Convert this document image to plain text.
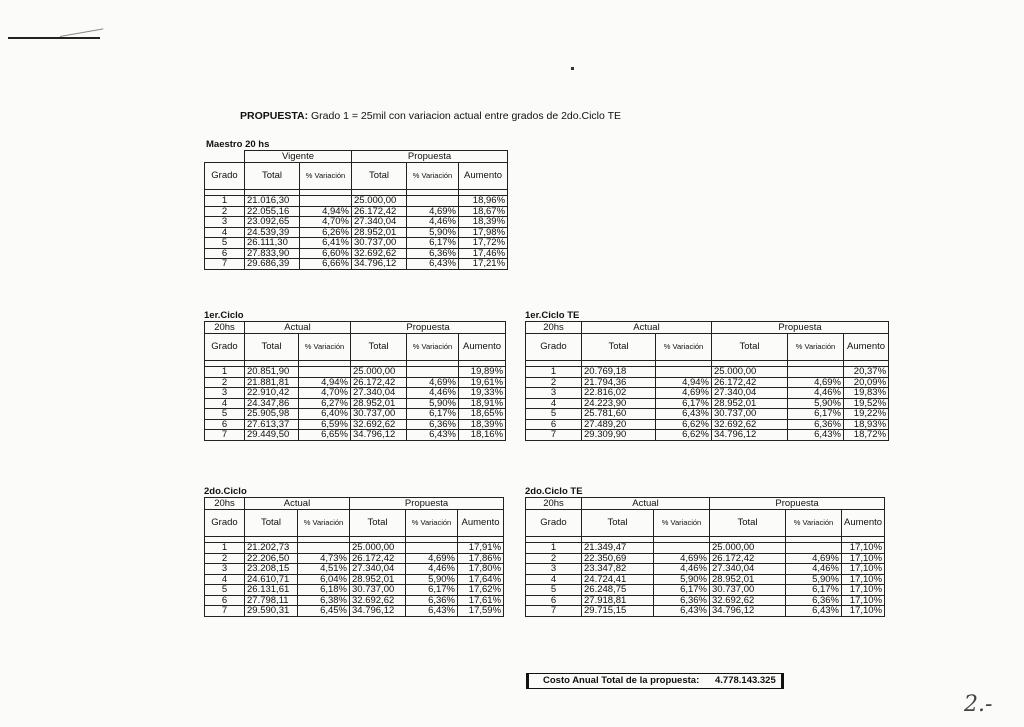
PROPUESTA: Grado 1 = 25mil con variacion actual entre grados de 2do.Ciclo TE
Maestro 20 hs
1er.Ciclo	1er.Ciclo TE
2do.Ciclo	2do.Ciclo TE
	Vigente		Propuesta		
Grado	Total	% Variación	Total	% Variación	Aumento

1	21.016,30		25.000,00		18,96%
2	22.055,16	4,94%	26.172,42	4,69%	18,67%
3	23.092,65	4,70%	27.340,04	4,46%	18,39%
4	24.539,39	6,26%	28.952,01	5,90%	17,98%
5	26.111,30	6,41%	30.737,00	6,17%	17,72%
6	27.833,90	6,60%	32.692,62	6,36%	17,46%
7	29.686,39	6,66%	34.796,12	6,43%	17,21%
20hs	Actual		Propuesta		
Grado	Total	% Variación	Total	% Variación	Aumento

1	20.851,90		25.000,00		19,89%
2	21.881,81	4,94%	26.172,42	4,69%	19,61%
3	22.910,42	4,70%	27.340,04	4,46%	19,33%
4	24.347,86	6,27%	28.952,01	5,90%	18,91%
5	25.905,98	6,40%	30.737,00	6,17%	18,65%
6	27.613,37	6,59%	32.692,62	6,36%	18,39%
7	29.449,50	6,65%	34.796,12	6,43%	18,16%
20hs	Actual		Propuesta		
Grado	Total	% Variación	Total	% Variación	Aumento

1	20.769,18		25.000,00		20,37%
2	21.794,36	4,94%	26.172,42	4,69%	20,09%
3	22.816,02	4,69%	27.340,04	4,46%	19,83%
4	24.223,90	6,17%	28.952,01	5,90%	19,52%
5	25.781,60	6,43%	30.737,00	6,17%	19,22%
6	27.489,20	6,62%	32.692,62	6,36%	18,93%
7	29.309,90	6,62%	34.796,12	6,43%	18,72%
20hs	Actual		Propuesta		
Grado	Total	% Variación	Total	% Variación	Aumento

1	21.202,73		25.000,00		17,91%
2	22.206,50	4,73%	26.172,42	4,69%	17,86%
3	23.208,15	4,51%	27.340,04	4,46%	17,80%
4	24.610,71	6,04%	28.952,01	5,90%	17,64%
5	26.131,61	6,18%	30.737,00	6,17%	17,62%
6	27.798,11	6,38%	32.692,62	6,36%	17,61%
7	29.590,31	6,45%	34.796,12	6,43%	17,59%
20hs	Actual		Propuesta		
Grado	Total	% Variación	Total	% Variación	Aumento

1	21.349,47		25.000,00		17,10%
2	22.350,69	4,69%	26.172,42	4,69%	17,10%
3	23.347,82	4,46%	27.340,04	4,46%	17,10%
4	24.724,41	5,90%	28.952,01	5,90%	17,10%
5	26.248,75	6,17%	30.737,00	6,17%	17,10%
6	27.918,81	6,36%	32.692,62	6,36%	17,10%
7	29.715,15	6,43%	34.796,12	6,43%	17,10%
Costo Anual Total de la propuesta: 4.778.143.325
2.-
